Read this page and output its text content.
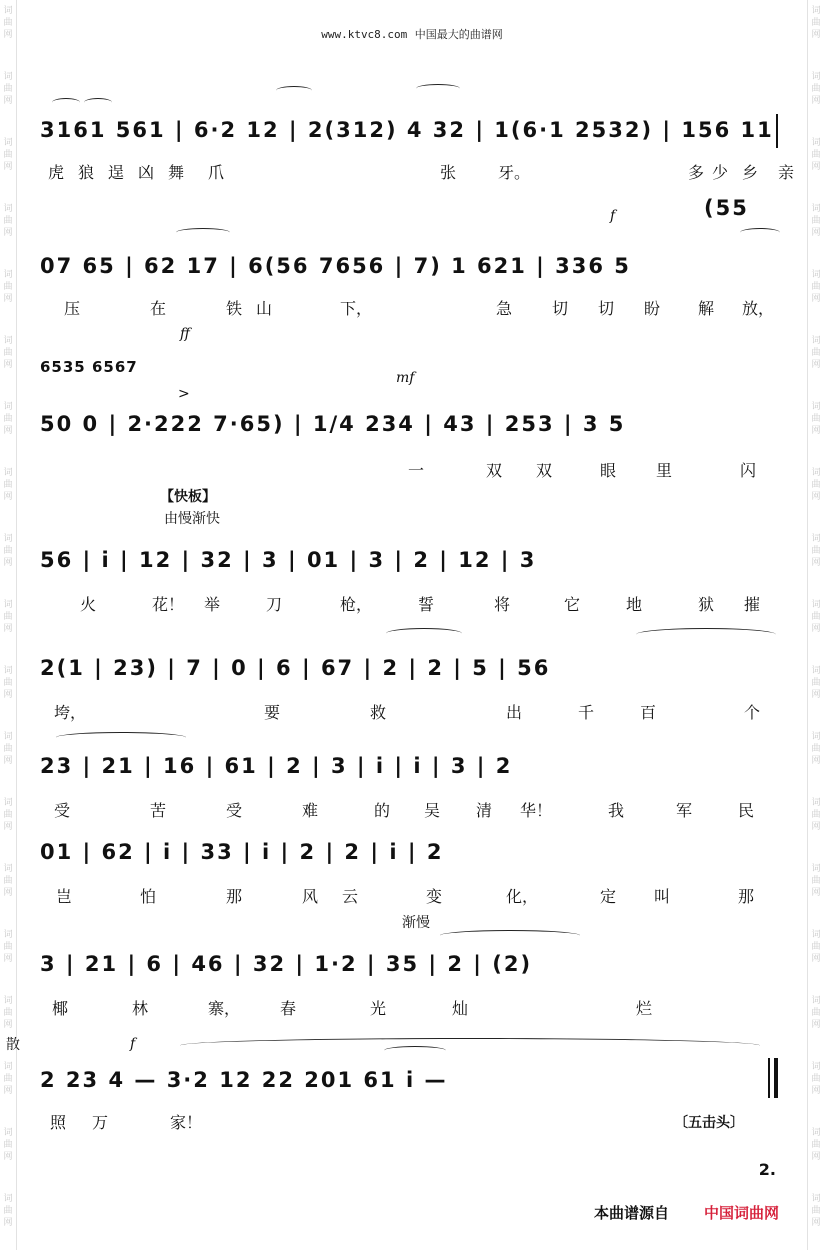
词
曲
网
词
曲
网
词
曲
网
词
曲
网
词
曲
网
词
曲
网
词
曲
网
词
曲
网
词
曲
网
词
曲
网
词
曲
网
词
曲
网
词
曲
网
词
曲
网
词
曲
网
词
曲
网
词
曲
网
词
曲
网
词
曲
网
词
曲
网
词
曲
网
词
曲
网
词
曲
网
词
曲
网
词
曲
网
词
曲
网
词
曲
网
词
曲
网
词
曲
网
词
曲
网
词
曲
网
词
曲
网
词
曲
网
词
曲
网
词
曲
网
词
曲
网
词
曲
网
词
曲
网
www.ktvc8.com 中国最大的曲谱网
3161 561 | 6·2 12 | 2(312) 4 32 | 1(6·1 2532) | 156 11
虎 狼 逞 凶 舞 爪	张	牙。	多 少 乡 亲
f	(55
07 65 | 62 17 | 6(56 7656 | 7) 1 621 | 336 5
压	在	铁 山	下，	急 切 切 盼 解 放，
ff
6535 6567
mf
>
50 0 | 2·222 7·65) | 1/4 234 | 43 | 253 | 3 5
一	双 双	眼 里	闪
【快板】
由慢渐快
56 | i | 12 | 32 | 3 | 01 | 3 | 2 | 12 | 3
火	花！ 举	刀	枪，	誓	将	它	地	狱 摧
2(1 | 23) | 7 | 0 | 6 | 67 | 2 | 2 | 5 | 56
垮，	要	救	出	千	百	个
23 | 21 | 16 | 61 | 2 | 3 | i | i | 3 | 2
受	苦	受	难	的 吴 清 华！	我	军	民
01 | 62 | i | 33 | i | 2 | 2 | i | 2
岂	怕	那	风 云	变	化，	定 叫	那
渐慢
3 | 21 | 6 | 46 | 32 | 1·2 | 35 | 2 | (2)
椰	林	寨， 春	光	灿	烂
散	f
2 23 4 — 3·2 12 22 201 61 i —
照 万	家！	〔五击头〕
2.
本曲谱源自 中国词曲网
